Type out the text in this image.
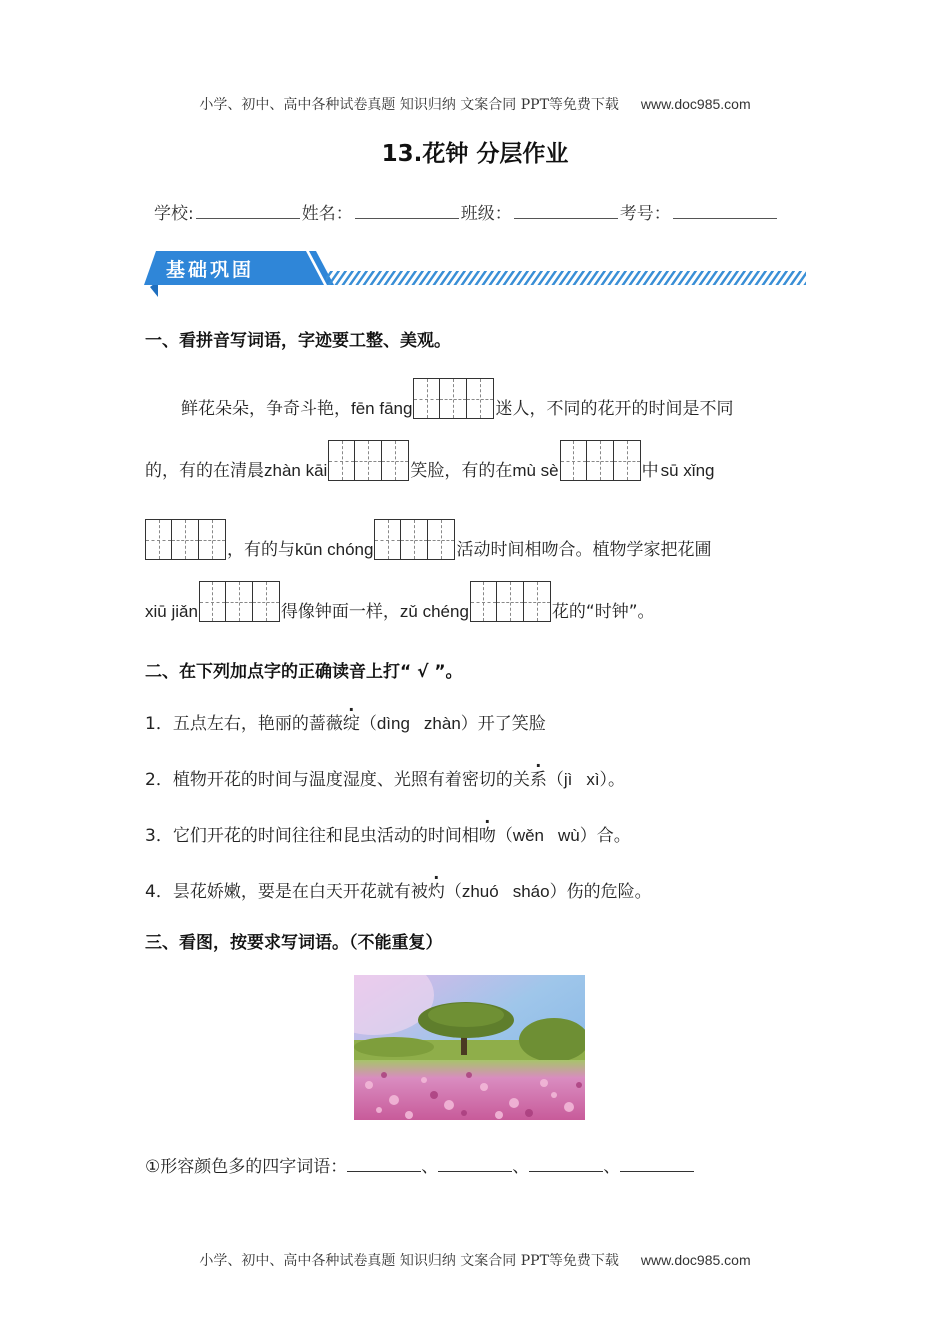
小学、初中、高中各种试卷真题 知识归纳 文案合同 PPT等免费下载 www.doc985.com
13.花钟 分层作业
学校:	姓名：	班级：	考号：
基础巩固
一、看拼音写词语，字迹要工整、美观。
鲜花朵朵，争奇斗艳， fēn fāng	迷人，不同的花开的时间是不同
的，有的在清晨 zhàn kāi	笑脸，有的在 mù sè	中 sū xǐng
，有的与 kūn chóng	活动时间相吻合。植物学家把花圃
xiū jiǎn	得像钟面一样， zǔ chéng	花的“时钟”。
二、在下列加点字的正确读音上打“ √ ”。
1．五点左右，艳丽的蔷薇绽（dìng zhàn）开了笑脸
2．植物开花的时间与温度湿度、光照有着密切的关系（jì xì）。
3．它们开花的时间往往和昆虫活动的时间相吻（wěn wù）合。
4．昙花娇嫩，要是在白天开花就有被灼（zhuó sháo）伤的危险。
三、看图，按要求写词语。（不能重复）
①形容颜色多的四字词语：	、	、	、
小学、初中、高中各种试卷真题 知识归纳 文案合同 PPT等免费下载 www.doc985.com
